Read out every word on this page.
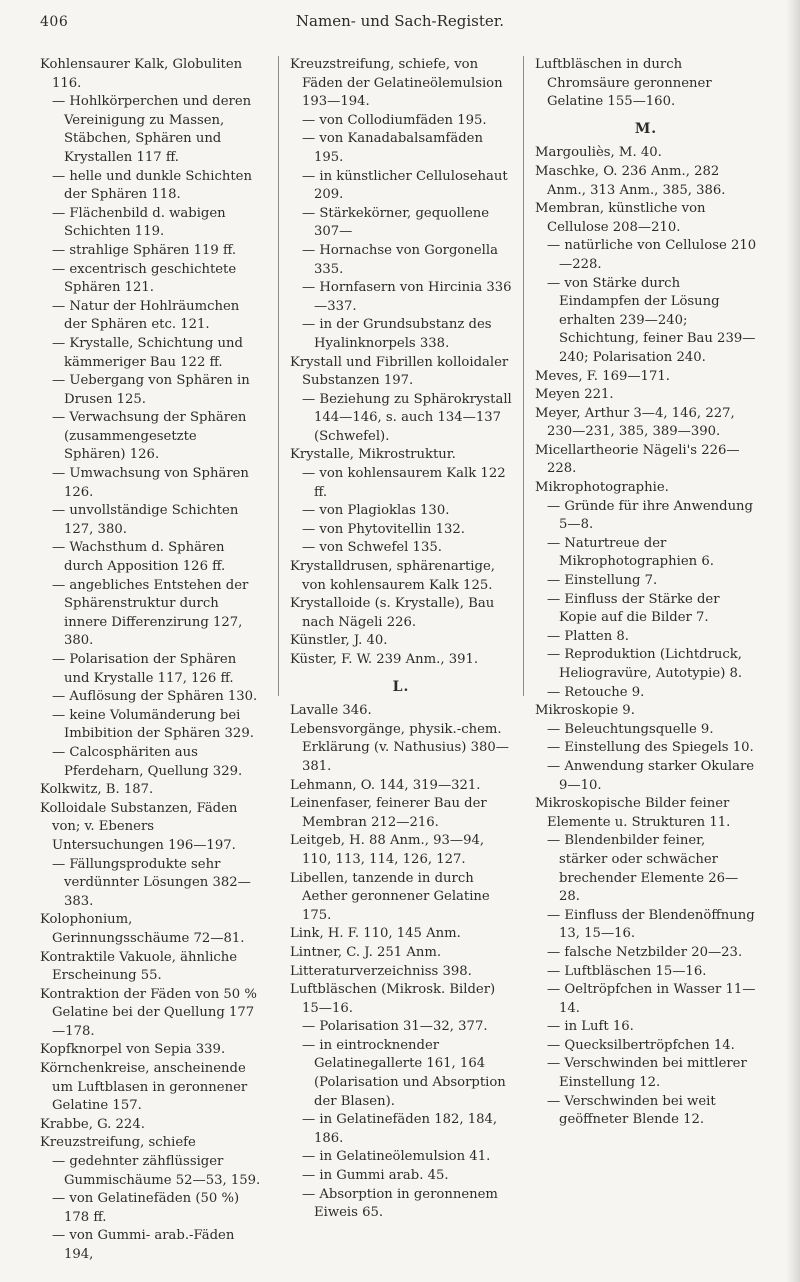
406	Namen- und Sach-Register.

Kohlensaurer Kalk, Globuliten 116.

— Hohlkörperchen und deren Vereinigung zu Massen, Stäbchen, Sphären und Krystallen 117 ff.

— helle und dunkle Schichten der Sphären 118.

— Flächenbild d. wabigen Schichten 119.

— strahlige Sphären 119 ff.

— excentrisch geschichtete Sphären 121.

— Natur der Hohlräumchen der Sphären etc. 121.

— Krystalle, Schichtung und kämmeriger Bau 122 ff.

— Uebergang von Sphären in Drusen 125.

— Verwachsung der Sphären (zusammengesetzte Sphären) 126.

— Umwachsung von Sphären 126.

— unvollständige Schichten 127, 380.

— Wachsthum d. Sphären durch Apposition 126 ff.

— angebliches Entstehen der Sphärenstruktur durch innere Differenzirung 127, 380.

— Polarisation der Sphären und Krystalle 117, 126 ff.

— Auflösung der Sphären 130.

— keine Volumänderung bei Imbibition der Sphären 329.

— Calcosphäriten aus Pferdeharn, Quellung 329.

Kolkwitz, B. 187.

Kolloidale Substanzen, Fäden von; v. Ebeners Untersuchungen 196—197.

— Fällungsprodukte sehr verdünnter Lösungen 382—383.

Kolophonium, Gerinnungsschäume 72—81.

Kontraktile Vakuole, ähnliche Erscheinung 55.

Kontraktion der Fäden von 50 % Gelatine bei der Quellung 177—178.

Kopfknorpel von Sepia 339.

Körnchenkreise, anscheinende um Luftblasen in geronnener Gelatine 157.

Krabbe, G. 224.

Kreuzstreifung, schiefe

— gedehnter zähflüssiger Gummischäume 52—53, 159.

— von Gelatinefäden (50 %) 178 ff.

— von Gummi- arab.-Fäden 194,

Kreuzstreifung, schiefe, von Fäden der Gelatineölemulsion 193—194.

— von Collodiumfäden 195.

— von Kanadabalsamfäden 195.

— in künstlicher Cellulosehaut 209.

— Stärkekörner, gequollene 307—

— Hornachse von Gorgonella 335.

— Hornfasern von Hircinia 336—337.

— in der Grundsubstanz des Hyalinknorpels 338.

Krystall und Fibrillen kolloidaler Substanzen 197.

— Beziehung zu Sphärokrystall 144—146, s. auch 134—137 (Schwefel).

Krystalle, Mikrostruktur.

— von kohlensaurem Kalk 122 ff.

— von Plagioklas 130.

— von Phytovitellin 132.

— von Schwefel 135.

Krystalldrusen, sphärenartige, von kohlensaurem Kalk 125.

Krystalloide (s. Krystalle), Bau nach Nägeli 226.

Künstler, J. 40.

Küster, F. W. 239 Anm., 391.

L.

Lavalle 346.

Lebensvorgänge, physik.-chem. Erklärung (v. Nathusius) 380—381.

Lehmann, O. 144, 319—321.

Leinenfaser, feinerer Bau der Membran 212—216.

Leitgeb, H. 88 Anm., 93—94, 110, 113, 114, 126, 127.

Libellen, tanzende in durch Aether geronnener Gelatine 175.

Link, H. F. 110, 145 Anm.

Lintner, C. J. 251 Anm.

Litteraturverzeichniss 398.

Luftbläschen (Mikrosk. Bilder) 15—16.

— Polarisation 31—32, 377.

— in eintrocknender Gelatinegallerte 161, 164 (Polarisation und Absorption der Blasen).

— in Gelatinefäden 182, 184, 186.

— in Gelatineölemulsion 41.

— in Gummi arab. 45.

— Absorption in geronnenem Eiweis 65.

Luftbläschen in durch Chromsäure geronnener Gelatine 155—160.

M.

Margouliès, M. 40.

Maschke, O. 236 Anm., 282 Anm., 313 Anm., 385, 386.

Membran, künstliche von Cellulose 208—210.

— natürliche von Cellulose 210—228.

— von Stärke durch Eindampfen der Lösung erhalten 239—240; Schichtung, feiner Bau 239—240; Polarisation 240.

Meves, F. 169—171.

Meyen 221.

Meyer, Arthur 3—4, 146, 227, 230—231, 385, 389—390.

Micellartheorie Nägeli's 226—228.

Mikrophotographie.

— Gründe für ihre Anwendung 5—8.

— Naturtreue der Mikrophotographien 6.

— Einstellung 7.

— Einfluss der Stärke der Kopie auf die Bilder 7.

— Platten 8.

— Reproduktion (Lichtdruck, Heliogravüre, Autotypie) 8.

— Retouche 9.

Mikroskopie 9.

— Beleuchtungsquelle 9.

— Einstellung des Spiegels 10.

— Anwendung starker Okulare 9—10.

Mikroskopische Bilder feiner Elemente u. Strukturen 11.

— Blendenbilder feiner, stärker oder schwächer brechender Elemente 26—28.

— Einfluss der Blendenöffnung 13, 15—16.

— falsche Netzbilder 20—23.

— Luftbläschen 15—16.

— Oeltröpfchen in Wasser 11—14.

— in Luft 16.

— Quecksilbertröpfchen 14.

— Verschwinden bei mittlerer Einstellung 12.

— Verschwinden bei weit geöffneter Blende 12.
